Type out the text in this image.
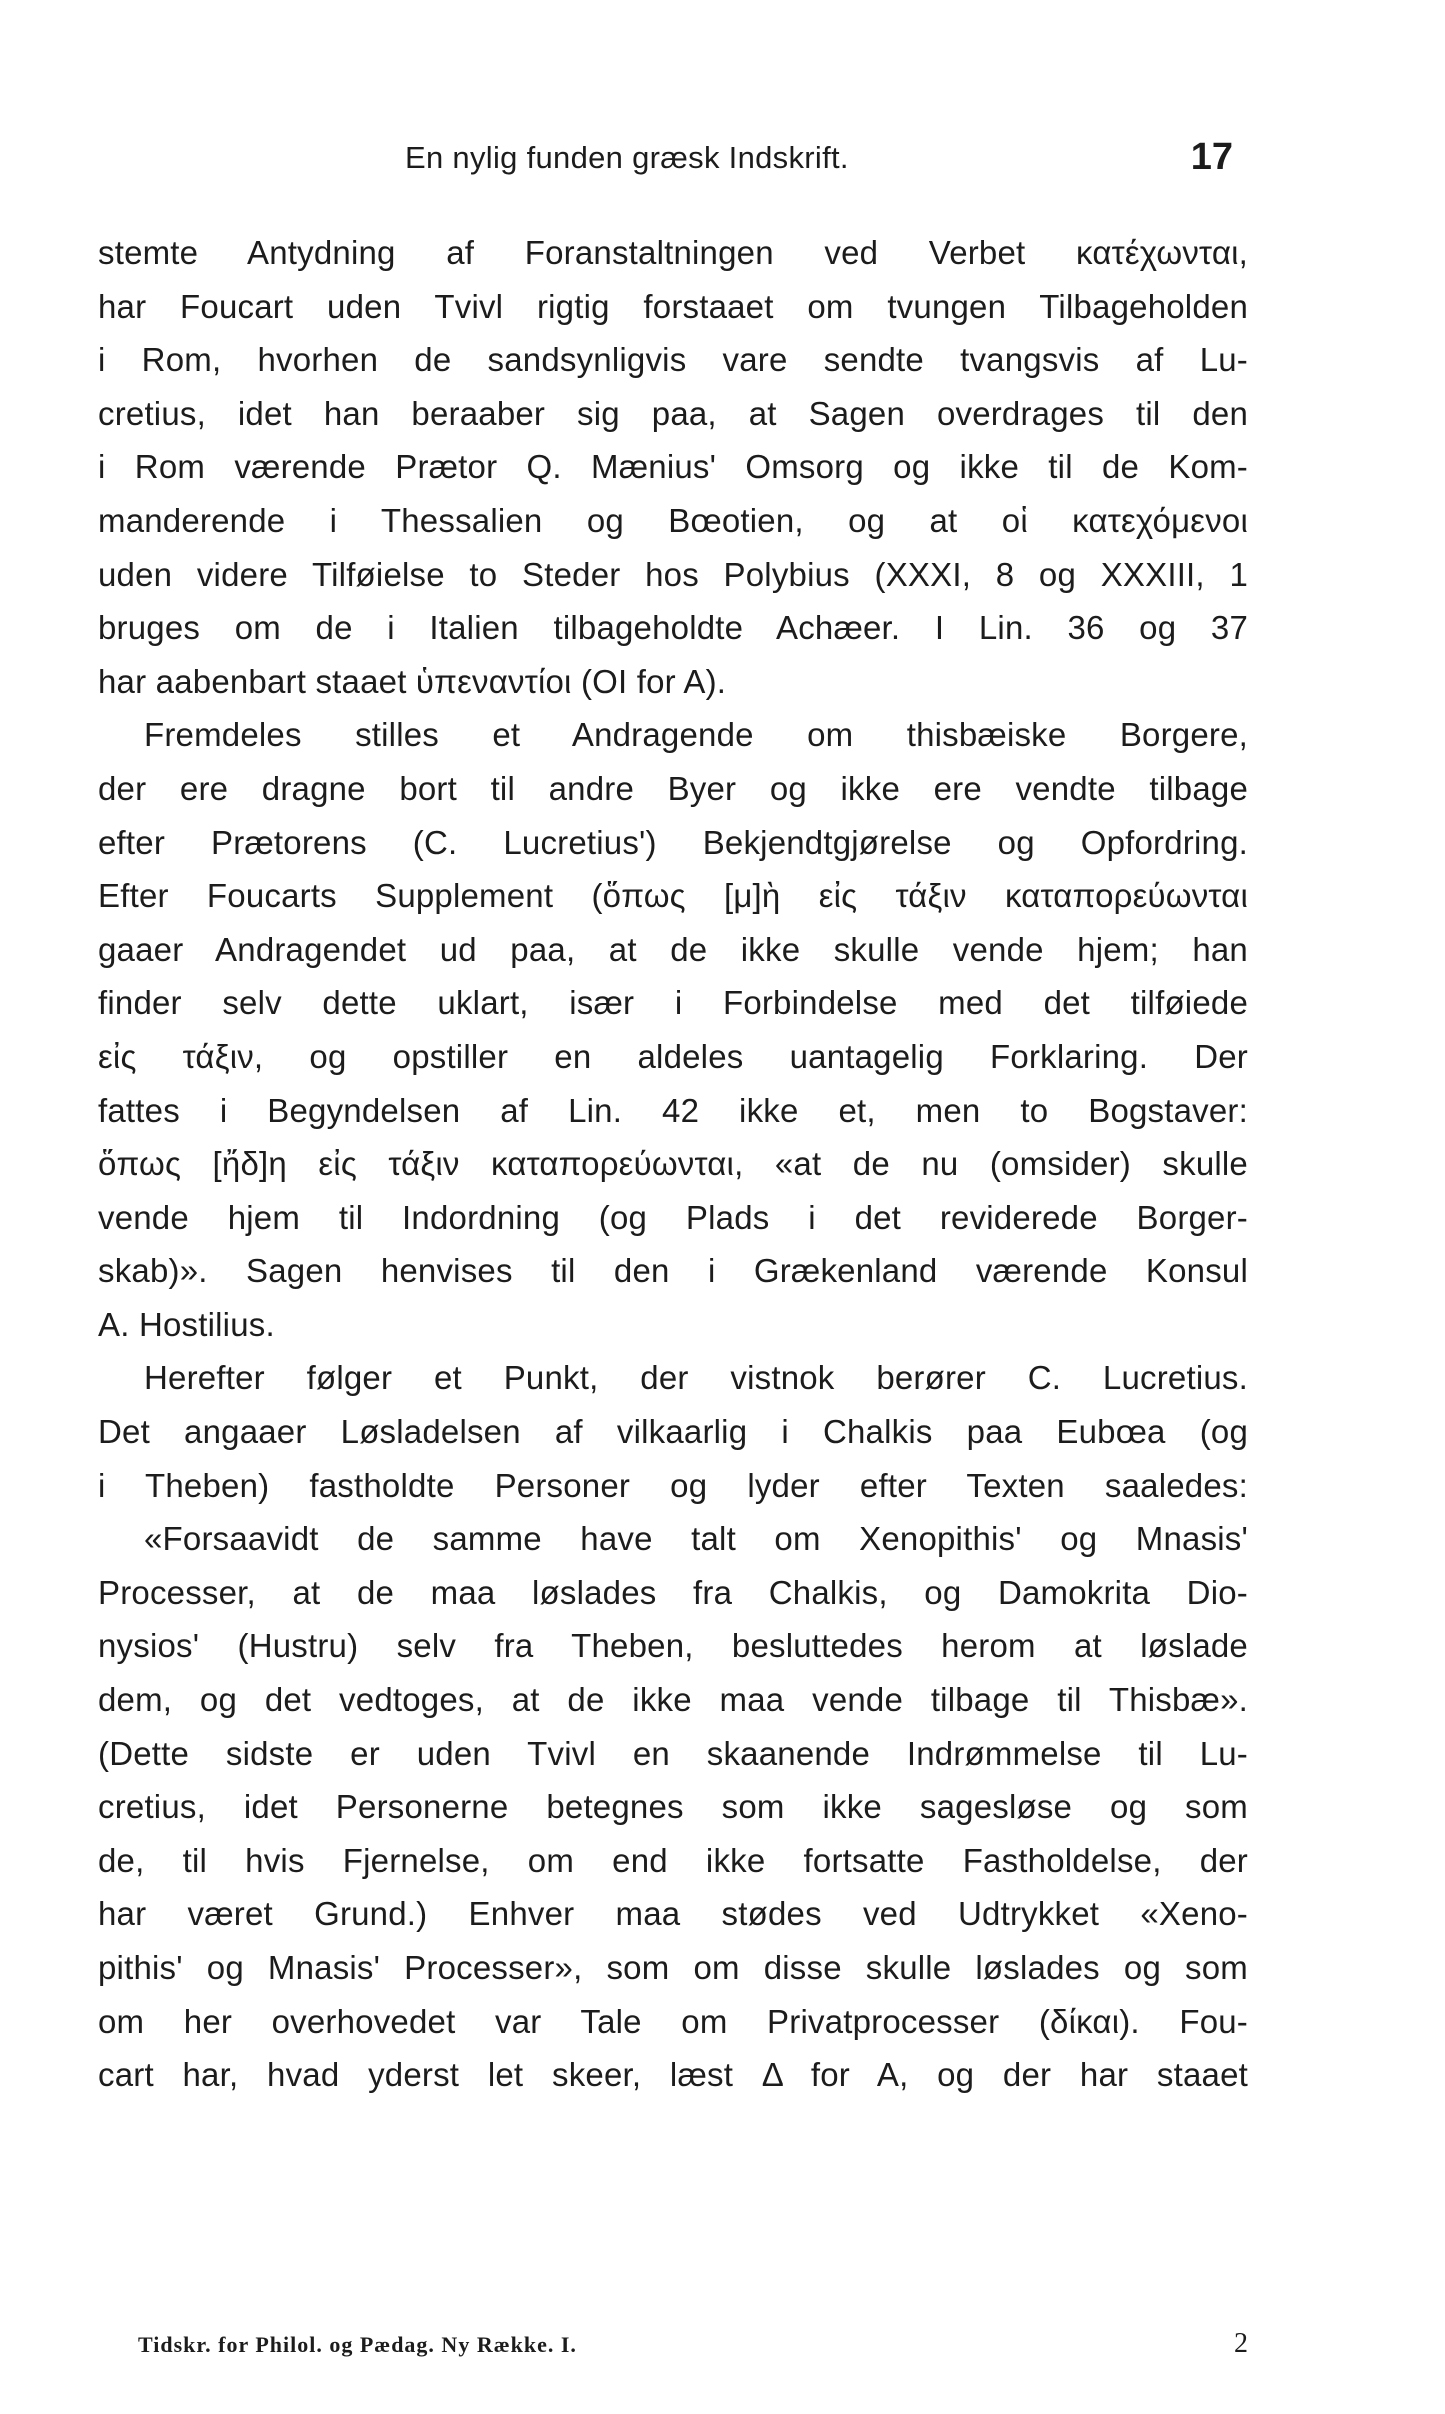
En nylig funden græsk Indskrift.	17
stemte Antydning af Foranstaltningen ved Verbet κατέχωνται,
har Foucart uden Tvivl rigtig forstaaet om tvungen Tilbageholden
i Rom, hvorhen de sandsynligvis vare sendte tvangsvis af Lu-
cretius, idet han beraaber sig paa, at Sagen overdrages til den
i Rom værende Prætor Q. Mænius' Omsorg og ikke til de Kom-
manderende i Thessalien og Bœotien, og at οἱ κατεχόμενοι
uden videre Tilføielse to Steder hos Polybius (XXXI, 8 og XXXIII, 1
bruges om de i Italien tilbageholdte Achæer. I Lin. 36 og 37
har aabenbart staaet ὑπεναντίοι (OI for A).
Fremdeles stilles et Andragende om thisbæiske Borgere,
der ere dragne bort til andre Byer og ikke ere vendte tilbage
efter Prætorens (C. Lucretius') Bekjendtgjørelse og Opfordring.
Efter Foucarts Supplement (ὅπως [μ]ὴ εἰς τάξιν καταπορεύωνται
gaaer Andragendet ud paa, at de ikke skulle vende hjem; han
finder selv dette uklart, især i Forbindelse med det tilføiede
εἰς τάξιν, og opstiller en aldeles uantagelig Forklaring. Der
fattes i Begyndelsen af Lin. 42 ikke et, men to Bogstaver:
ὅπως [ἤδ]η εἰς τάξιν καταπορεύωνται, «at de nu (omsider) skulle
vende hjem til Indordning (og Plads i det reviderede Borger-
skab)». Sagen henvises til den i Grækenland værende Konsul
A. Hostilius.
Herefter følger et Punkt, der vistnok berører C. Lucretius.
Det angaaer Løsladelsen af vilkaarlig i Chalkis paa Eubœa (og
i Theben) fastholdte Personer og lyder efter Texten saaledes:
«Forsaavidt de samme have talt om Xenopithis' og Mnasis'
Processer, at de maa løslades fra Chalkis, og Damokrita Dio-
nysios' (Hustru) selv fra Theben, besluttedes herom at løslade
dem, og det vedtoges, at de ikke maa vende tilbage til Thisbæ».
(Dette sidste er uden Tvivl en skaanende Indrømmelse til Lu-
cretius, idet Personerne betegnes som ikke sagesløse og som
de, til hvis Fjernelse, om end ikke fortsatte Fastholdelse, der
har været Grund.) Enhver maa stødes ved Udtrykket «Xeno-
pithis' og Mnasis' Processer», som om disse skulle løslades og som
om her overhovedet var Tale om Privatprocesser (δίκαι). Fou-
cart har, hvad yderst let skeer, læst Δ for A, og der har staaet
Tidskr. for Philol. og Pædag. Ny Række. I.	2
